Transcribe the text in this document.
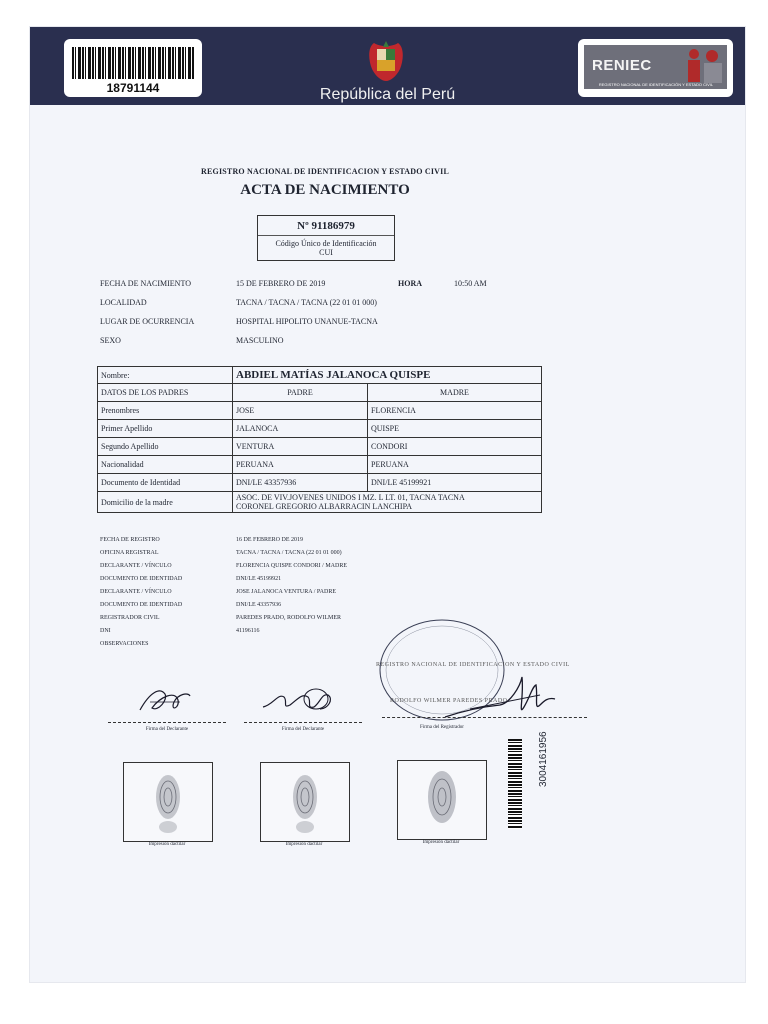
18791144	República del Perú
RENIEC
REGISTRO NACIONAL DE IDENTIFICACIÓN Y ESTADO CIVIL
REGISTRO NACIONAL DE IDENTIFICACION Y ESTADO CIVIL
ACTA DE NACIMIENTO
Nº 91186979
Código Único de Identificación
CUI
FECHA DE NACIMIENTO	15 DE FEBRERO DE 2019	HORA	10:50 AM
LOCALIDAD	TACNA / TACNA / TACNA (22 01 01 000)
LUGAR DE OCURRENCIA	HOSPITAL HIPOLITO UNANUE-TACNA
SEXO	MASCULINO
Nombre:	ABDIEL MATÍAS JALANOCA QUISPE	
DATOS DE LOS PADRES	PADRE	MADRE
Prenombres	JOSE	FLORENCIA
Primer Apellido	JALANOCA	QUISPE
Segundo Apellido	VENTURA	CONDORI
Nacionalidad	PERUANA	PERUANA
Documento de Identidad	DNI/LE 43357936	DNI/LE 45199921
Domicilio de la madre	ASOC. DE VIV.JOVENES UNIDOS I MZ. L LT. 01, TACNA TACNA
CORONEL GREGORIO ALBARRACIN LANCHIPA	
FECHA DE REGISTRO	16 DE FEBRERO DE 2019
OFICINA REGISTRAL	TACNA / TACNA / TACNA (22 01 01 000)
DECLARANTE / VÍNCULO	FLORENCIA QUISPE CONDORI / MADRE
DOCUMENTO DE IDENTIDAD	DNI/LE 45199921
DECLARANTE / VÍNCULO	JOSE JALANOCA VENTURA / PADRE
DOCUMENTO DE IDENTIDAD	DNI/LE 43357936
REGISTRADOR CIVIL	PAREDES PRADO, RODOLFO WILMER
DNI	41196116
OBSERVACIONES
REGISTRO NACIONAL DE IDENTIFICACION Y ESTADO CIVIL
RODOLFO WILMER PAREDES PRADO
Firma del Declarante	Firma del Declarante	Firma del Registrador
3004161956
Impresión dactilar	Impresión dactilar	Impresión dactilar
